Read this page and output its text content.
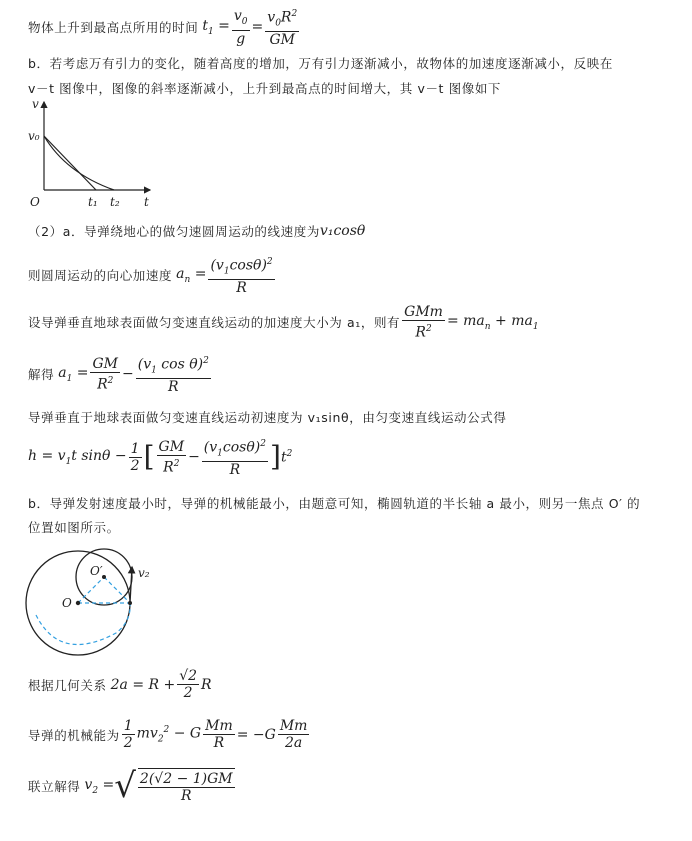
物体上升到最高点所用的时间 $t_1 = \frac{v_0}{g} = \frac{v_0R^2}{GM}$
b．若考虑万有引力的变化，随着高度的增加，万有引力逐渐减小，故物体的加速度逐渐减小，反映在
v－t 图像中，图像的斜率逐渐减小，上升到最高点的时间增大，其 v－t 图像如下
v
t
O
v₀
t₁ t₂
（2）a．导弹绕地心的做匀速圆周运动的线速度为 v₁cosθ
则圆周运动的向心加速度 $a_n = \frac{(v_1\cos\theta)^2}{R}$
设导弹垂直地球表面做匀变速直线运动的加速度大小为 a₁，则有 $\frac{\text{GMm}}{R^2} = ma_n + ma_1$
解得 $a_1 = \frac{GM}{R^2} - \frac{(v_1 \cos \theta)^2}{R}$
导弹垂直于地球表面做匀变速直线运动初速度为 v₁sinθ，由匀变速直线运动公式得
$h = v_1t$ $\sin\theta - \frac{1}{2}$ [ $\frac{GM}{R^2} - \frac{(v_1\cos\theta)^2}{R}$ ] $t^2$
b．导弹发射速度最小时，导弹的机械能最小，由题意可知，椭圆轨道的半长轴 a 最小，则另一焦点 O′ 的
位置如图所示。
O
O′	v₂
根据几何关系 $2a = R + \frac{√2}{2}$ R
导弹的机械能为 $\frac{1}{2} mv_2^2 - G \frac{Mm}{R} = -G \frac{Mm}{2a}$
联立解得 $v_2$ = √ $\frac{2(√2 - 1)GM}{R}$
